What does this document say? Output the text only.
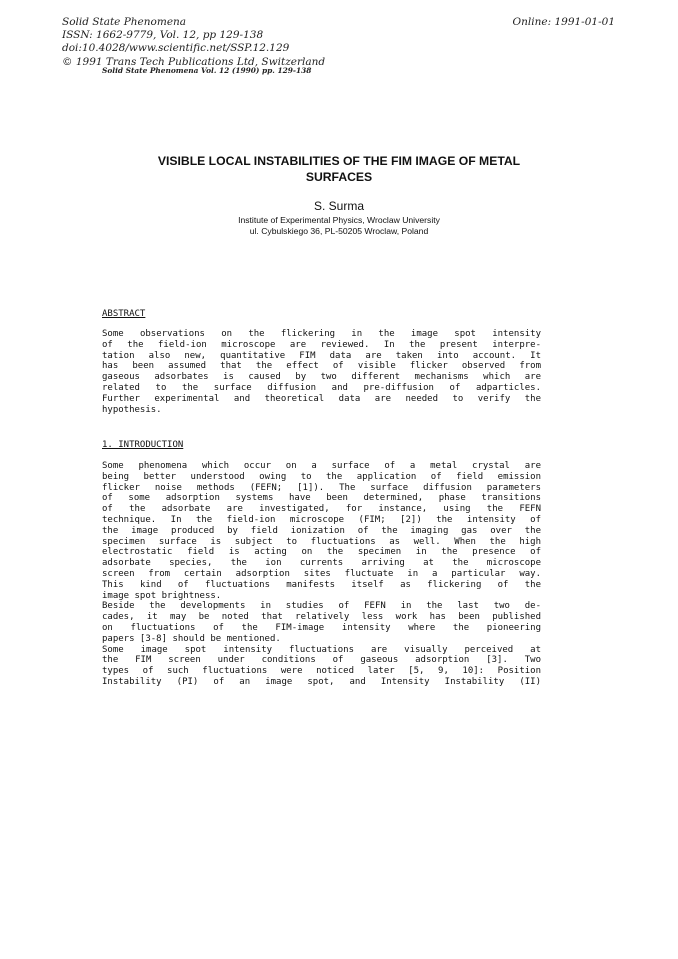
Solid State Phenomena
ISSN: 1662-9779, Vol. 12, pp 129-138
doi:10.4028/www.scientific.net/SSP.12.129
© 1991 Trans Tech Publications Ltd, Switzerland
Online: 1991-01-01
Solid State Phenomena Vol. 12 (1990) pp. 129-138
VISIBLE LOCAL INSTABILITIES OF THE FIM IMAGE OF METAL
SURFACES
S. Surma
Institute of Experimental Physics, Wroclaw University
ul. Cybulskiego 36, PL-50205 Wroclaw, Poland
ABSTRACT
Some observations on the flickering in the image spot intensity
of the field-ion microscope are reviewed. In the present interpre-
tation also new, quantitative FIM data are taken into account. It
has been assumed that the effect of visible flicker observed from
gaseous adsorbates is caused by two different mechanisms which are
related to the surface diffusion and pre-diffusion of adparticles.
Further experimental and theoretical data are needed to verify the
hypothesis.
1. INTRODUCTION
Some phenomena which occur on a surface of a metal crystal are
being better understood owing to the application of field emission
flicker noise methods (FEFN; [1]). The surface diffusion parameters
of some adsorption systems have been determined, phase transitions
of the adsorbate are investigated, for instance, using the FEFN
technique. In the field-ion microscope (FIM; [2]) the intensity of
the image produced by field ionization of the imaging gas over the
specimen surface is subject to fluctuations as well. When the high
electrostatic field is acting on the specimen in the presence of
adsorbate species, the ion currents arriving at the microscope
screen from certain adsorption sites fluctuate in a particular way.
This kind of fluctuations manifests itself as flickering of the
image spot brightness.
Beside the developments in studies of FEFN in the last two de-
cades, it may be noted that relatively less work has been published
on fluctuations of the FIM-image intensity where the pioneering
papers [3-8] should be mentioned.
Some image spot intensity fluctuations are visually perceived at
the FIM screen under conditions of gaseous adsorption [3]. Two
types of such fluctuations were noticed later [5, 9, 10]: Position
Instability (PI) of an image spot, and Intensity Instability (II)
